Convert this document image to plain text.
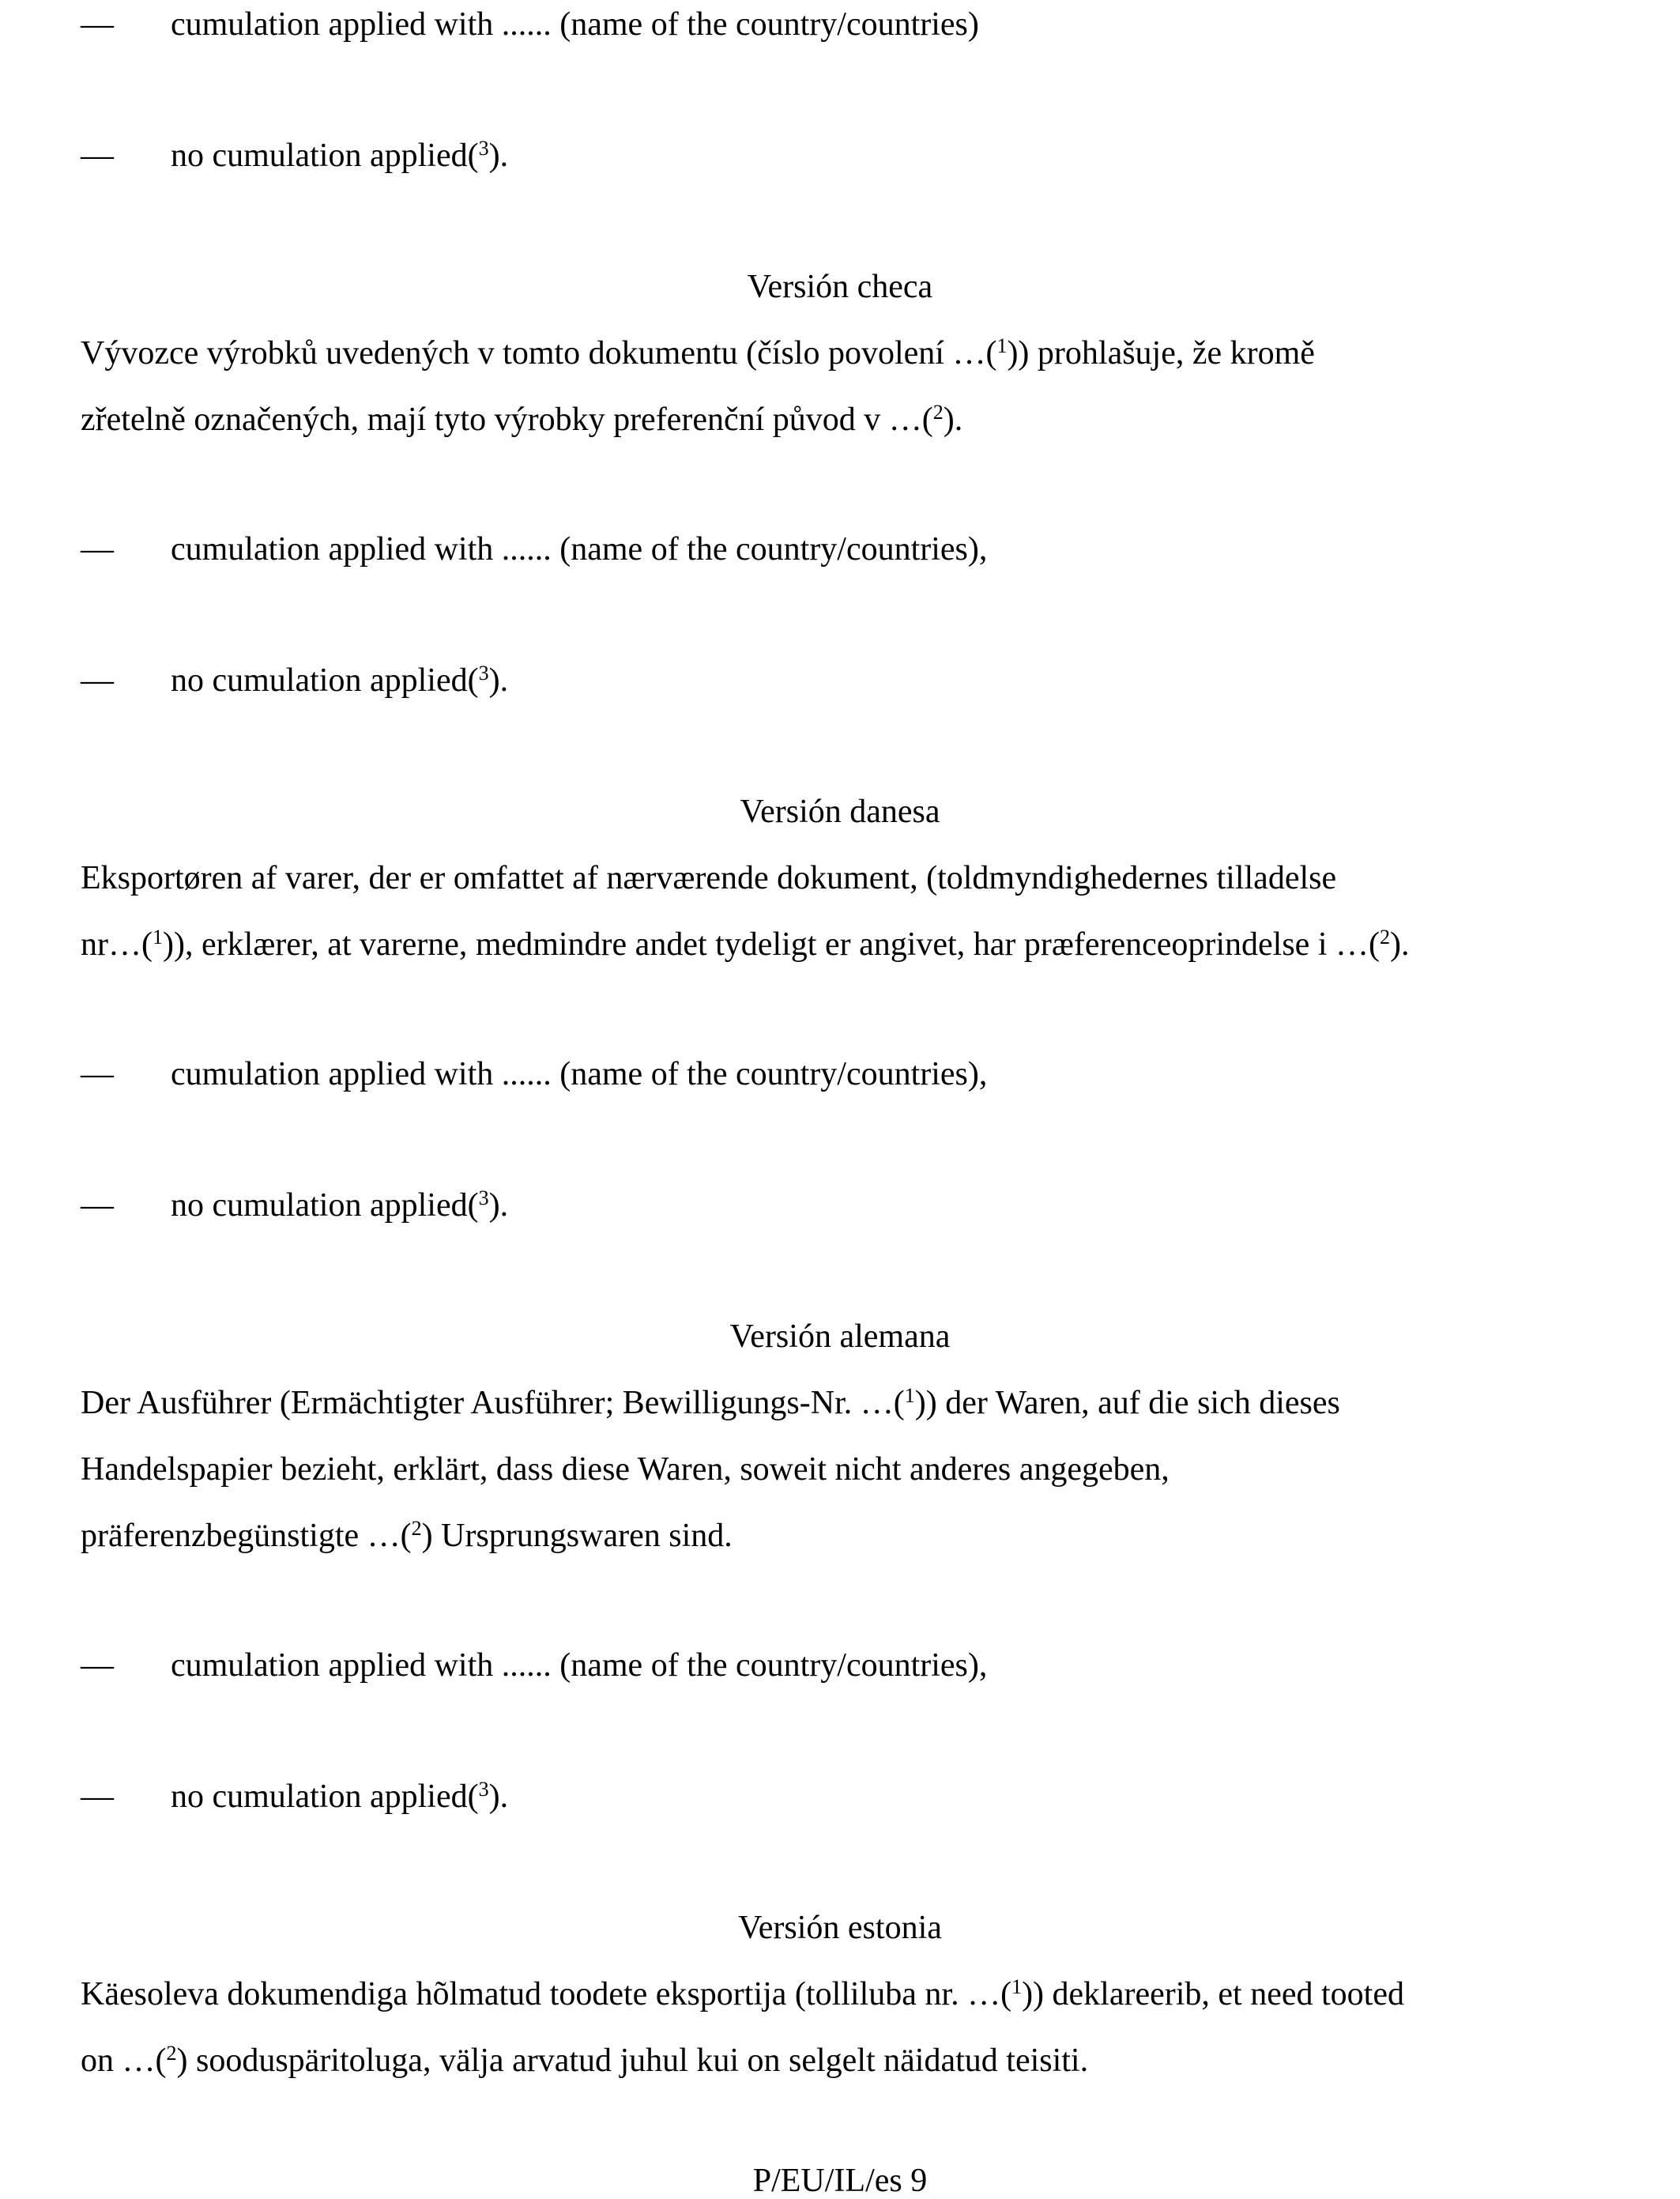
— cumulation applied with ...... (name of the country/countries)
— no cumulation applied($^3$).
Versión checa
Vývozce výrobků uvedených v tomto dokumentu (číslo povolení …($^1$)) prohlašuje, že kromě
zřetelně označených, mají tyto výrobky preferenční původ v …($^2$).
— cumulation applied with ...... (name of the country/countries),
— no cumulation applied($^3$).
Versión danesa
Eksportøren af varer, der er omfattet af nærværende dokument, (toldmyndighedernes tilladelse
nr…($^1$)), erklærer, at varerne, medmindre andet tydeligt er angivet, har præferenceoprindelse i …($^2$).
— cumulation applied with ...... (name of the country/countries),
— no cumulation applied($^3$).
Versión alemana
Der Ausführer (Ermächtigter Ausführer; Bewilligungs-Nr. …($^1$)) der Waren, auf die sich dieses
Handelspapier bezieht, erklärt, dass diese Waren, soweit nicht anderes angegeben,
präferenzbegünstigte …($^2$) Ursprungswaren sind.
— cumulation applied with ...... (name of the country/countries),
— no cumulation applied($^3$).
Versión estonia
Käesoleva dokumendiga hõlmatud toodete eksportija (tolliluba nr. …($^1$)) deklareerib, et need tooted
on …($^2$) sooduspäritoluga, välja arvatud juhul kui on selgelt näidatud teisiti.
P/EU/IL/es 9
